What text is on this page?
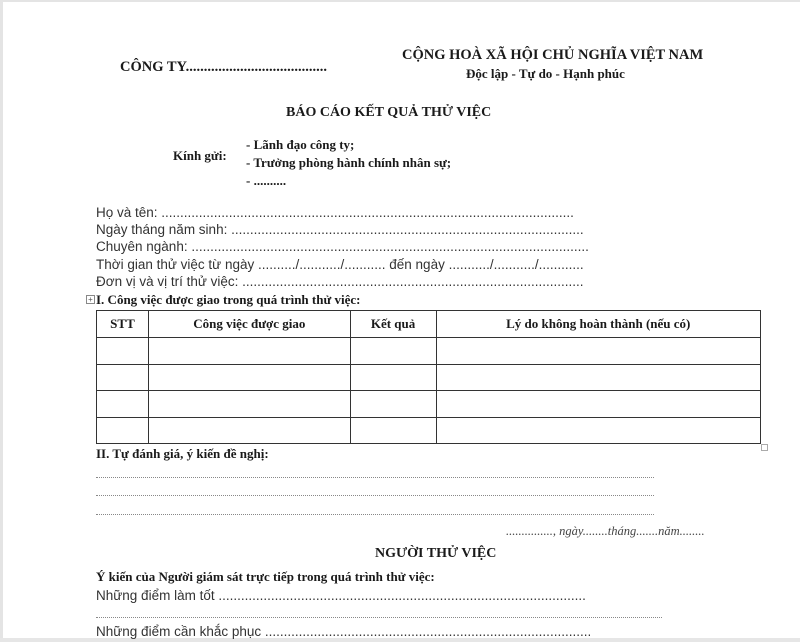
CÔNG TY.......................................
CỘNG HOÀ XÃ HỘI CHỦ NGHĨA VIỆT NAM
Độc lập - Tự do - Hạnh phúc
BÁO CÁO KẾT QUẢ THỬ VIỆC
Kính gửi:
- Lãnh đạo công ty;
- Trưởng phòng hành chính nhân sự;
- ..........
Họ và tên: ..............................................................................................................
Ngày tháng năm sinh: ..............................................................................................
Chuyên ngành: ..........................................................................................................
Thời gian thử việc từ ngày ........../.........../........... đến ngày .........../.........../............
Đơn vị và vị trí thử việc: ...........................................................................................
+ I. Công việc được giao trong quá trình thử việc:
STT	Công việc được giao	Kết quả	Lý do không hoàn thành (nếu có)

II. Tự đánh giá, ý kiến đề nghị:
..............., ngày........tháng.......năm........
NGƯỜI THỬ VIỆC
Ý kiến của Người giám sát trực tiếp trong quá trình thử việc:
Những điểm làm tốt ..................................................................................................
Những điểm cần khắc phục .......................................................................................
